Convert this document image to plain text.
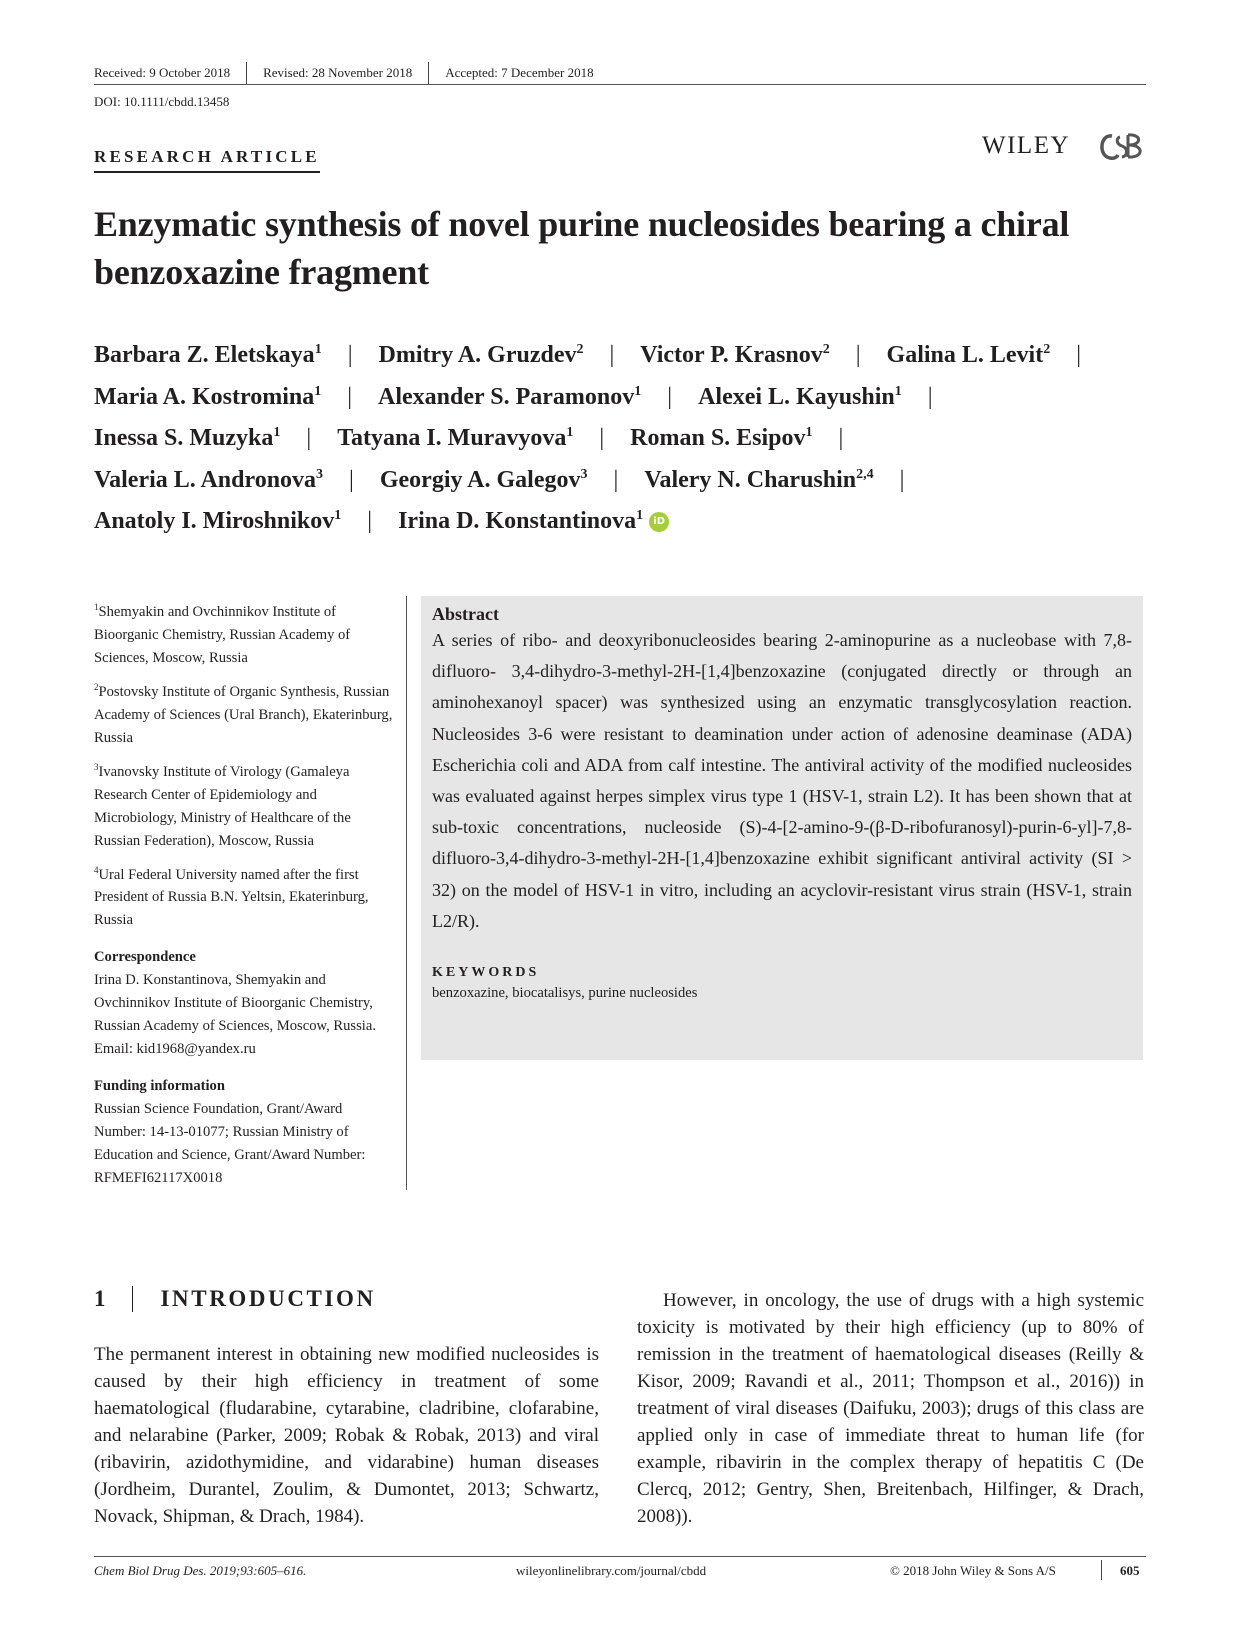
Received: 9 October 2018	Revised: 28 November 2018	Accepted: 7 December 2018
DOI: 10.1111/cbdd.13458
RESEARCH ARTICLE	WILEY
Enzymatic synthesis of novel purine nucleosides bearing a chiral benzoxazine fragment
Barbara Z. Eletskaya$^1$ |	Dmitry A. Gruzdev$^2$ |	Victor P. Krasnov$^2$ |	Galina L. Levit$^2$ |
Maria A. Kostromina$^1$ |	Alexander S. Paramonov$^1$ |	Alexei L. Kayushin$^1$ |
Inessa S. Muzyka$^1$ |	Tatyana I. Muravyova$^1$ |	Roman S. Esipov$^1$ |
Valeria L. Andronova$^3$ |	Georgiy A. Galegov$^3$ |	Valery N. Charushin$^{2,4}$ |
Anatoly I. Miroshnikov$^1$ |	Irina D. Konstantinova$^1$ iD
$^1$Shemyakin and Ovchinnikov Institute of Bioorganic Chemistry, Russian Academy of Sciences, Moscow, Russia
$^2$Postovsky Institute of Organic Synthesis, Russian Academy of Sciences (Ural Branch), Ekaterinburg, Russia
$^3$Ivanovsky Institute of Virology (Gamaleya Research Center of Epidemiology and Microbiology, Ministry of Healthcare of the Russian Federation), Moscow, Russia
$^4$Ural Federal University named after the first President of Russia B.N. Yeltsin, Ekaterinburg, Russia
Correspondence
Irina D. Konstantinova, Shemyakin and Ovchinnikov Institute of Bioorganic Chemistry, Russian Academy of Sciences, Moscow, Russia.
Email: kid1968@yandex.ru
Funding information
Russian Science Foundation, Grant/Award Number: 14-13-01077; Russian Ministry of Education and Science, Grant/Award Number: RFMEFI62117X0018
Abstract
A series of ribo- and deoxyribonucleosides bearing 2-aminopurine as a nucleobase with 7,8-difluoro- 3,4-dihydro-3-methyl-2H-[1,4]benzoxazine (conjugated directly or through an aminohexanoyl spacer) was synthesized using an enzymatic transglycosylation reaction. Nucleosides 3-6 were resistant to deamination under action of adenosine deaminase (ADA) Escherichia coli and ADA from calf intestine. The antiviral activity of the modified nucleosides was evaluated against herpes simplex virus type 1 (HSV-1, strain L2). It has been shown that at sub-toxic concentrations, nucleoside (S)-4-[2-amino-9-(β-D-ribofuranosyl)-purin-6-yl]-7,8-difluoro-3,4-dihydro-3-methyl-2H-[1,4]benzoxazine exhibit significant antiviral activity (SI > 32) on the model of HSV-1 in vitro, including an acyclovir-resistant virus strain (HSV-1, strain L2/R).
KEYWORDS
benzoxazine, biocatalisys, purine nucleosides
1 INTRODUCTION
The permanent interest in obtaining new modified nucleosides is caused by their high efficiency in treatment of some haematological (fludarabine, cytarabine, cladribine, clofarabine, and nelarabine (Parker, 2009; Robak & Robak, 2013) and viral (ribavirin, azidothymidine, and vidarabine) human diseases (Jordheim, Durantel, Zoulim, & Dumontet, 2013; Schwartz, Novack, Shipman, & Drach, 1984).
However, in oncology, the use of drugs with a high systemic toxicity is motivated by their high efficiency (up to 80% of remission in the treatment of haematological diseases (Reilly & Kisor, 2009; Ravandi et al., 2011; Thompson et al., 2016)) in treatment of viral diseases (Daifuku, 2003); drugs of this class are applied only in case of immediate threat to human life (for example, ribavirin in the complex therapy of hepatitis C (De Clercq, 2012; Gentry, Shen, Breitenbach, Hilfinger, & Drach, 2008)).
Chem Biol Drug Des. 2019;93:605–616.	wileyonlinelibrary.com/journal/cbdd	© 2018 John Wiley & Sons A/S	605
